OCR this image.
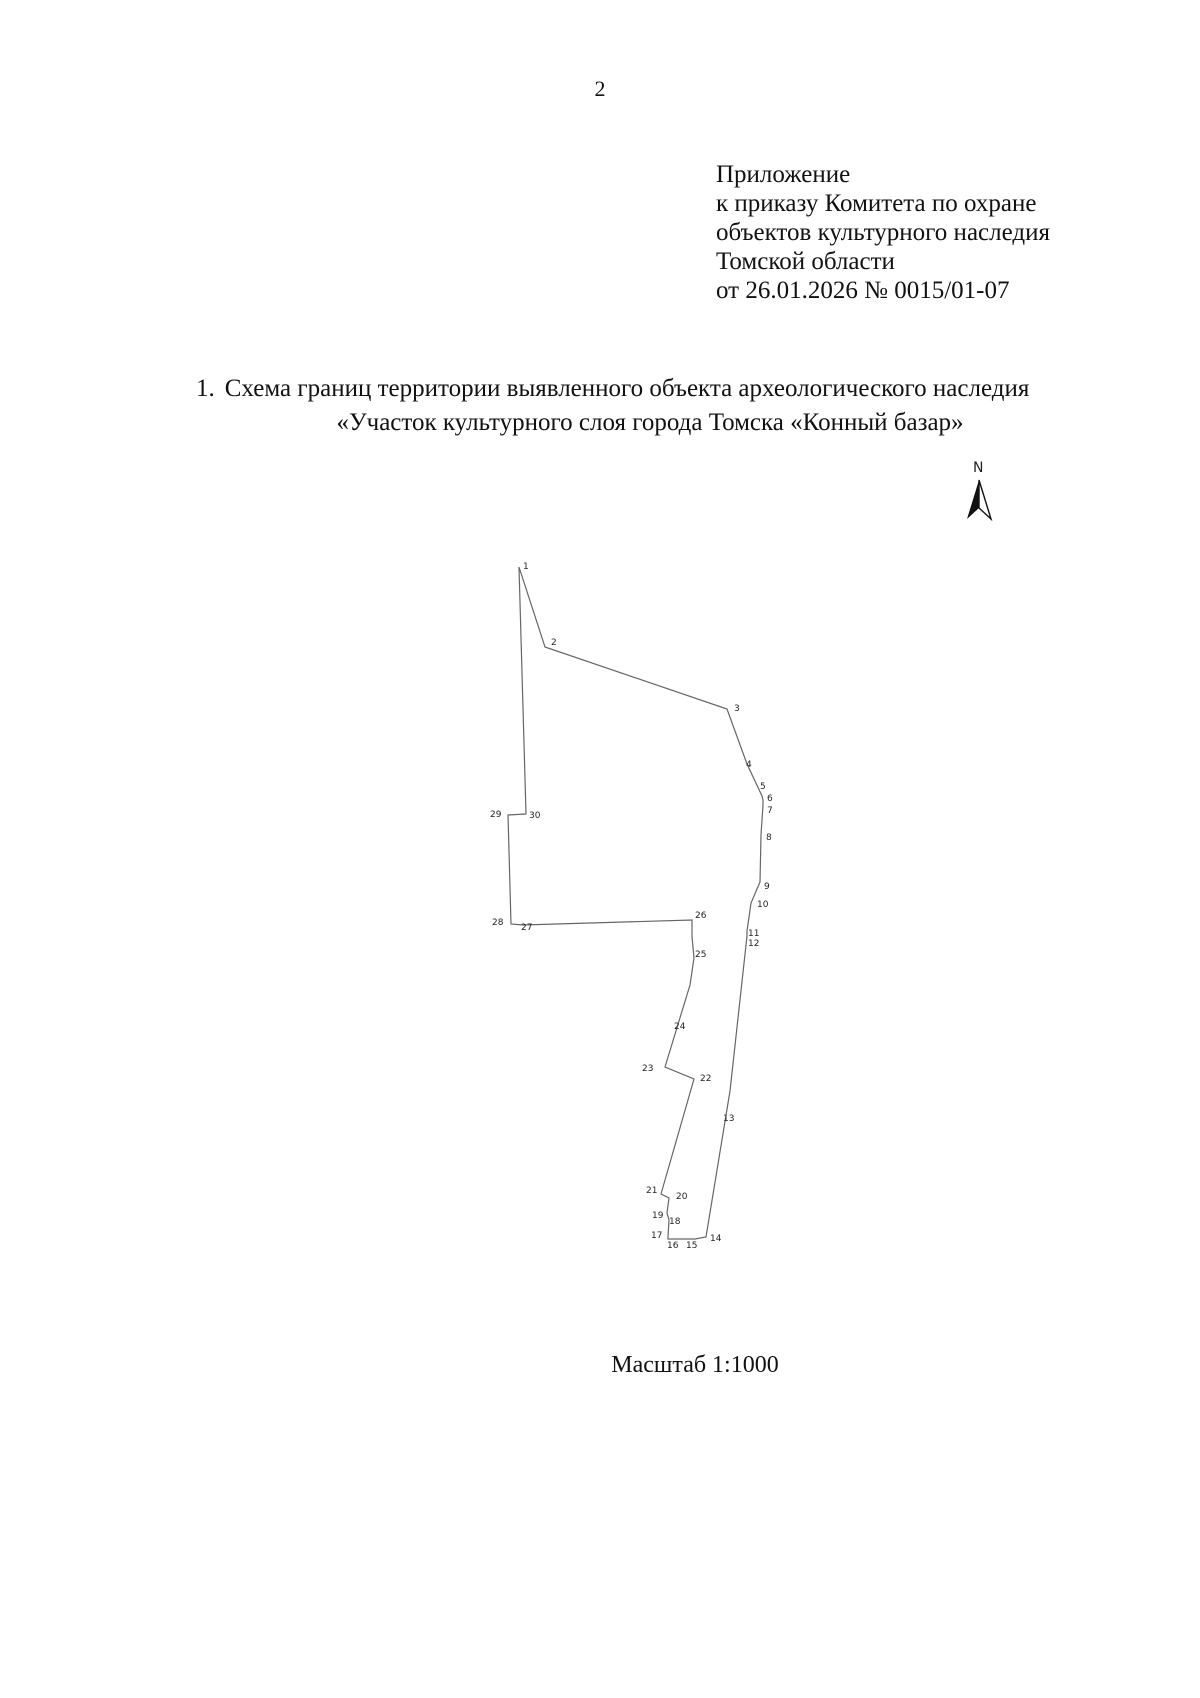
2
Приложение
к приказу Комитета по охране
объектов культурного наследия
Томской области
от 26.01.2026 № 0015/01-07
1. Схема границ территории выявленного объекта археологического наследия
«Участок культурного слоя города Томска «Конный базар»
N
1
2
3
4
5
6
7
8
9
10
11
12
13
14
15
16
17
18
19
20
21
22
23
24
25
26
27
28
29	30
Масштаб 1:1000
